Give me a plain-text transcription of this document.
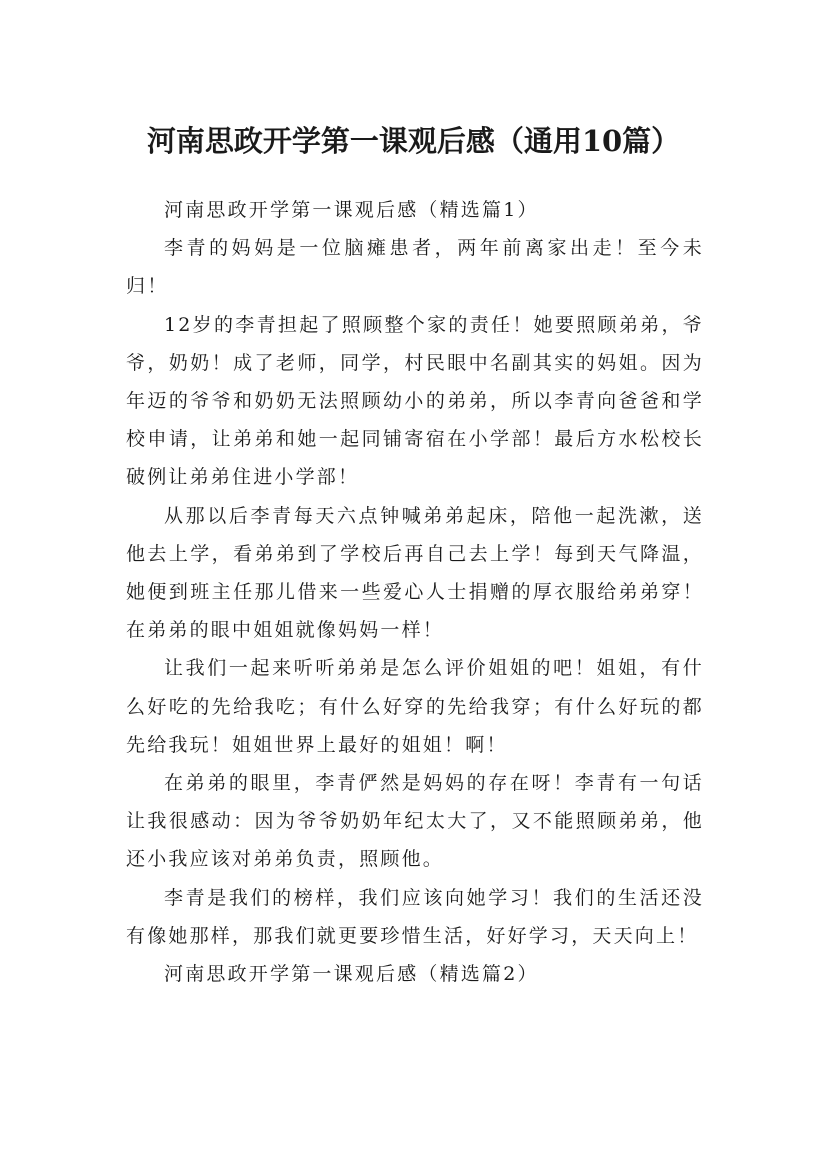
河南思政开学第一课观后感（通用10篇）

河南思政开学第一课观后感（精选篇1）

李青的妈妈是一位脑瘫患者，两年前离家出走！至今未归！

12岁的李青担起了照顾整个家的责任！她要照顾弟弟，爷爷，奶奶！成了老师，同学，村民眼中名副其实的妈姐。因为年迈的爷爷和奶奶无法照顾幼小的弟弟，所以李青向爸爸和学校申请，让弟弟和她一起同铺寄宿在小学部！最后方水松校长破例让弟弟住进小学部！

从那以后李青每天六点钟喊弟弟起床，陪他一起洗漱，送他去上学，看弟弟到了学校后再自己去上学！每到天气降温，她便到班主任那儿借来一些爱心人士捐赠的厚衣服给弟弟穿！在弟弟的眼中姐姐就像妈妈一样！

让我们一起来听听弟弟是怎么评价姐姐的吧！姐姐，有什么好吃的先给我吃；有什么好穿的先给我穿；有什么好玩的都先给我玩！姐姐世界上最好的姐姐！啊！

在弟弟的眼里，李青俨然是妈妈的存在呀！李青有一句话让我很感动：因为爷爷奶奶年纪太大了，又不能照顾弟弟，他还小我应该对弟弟负责，照顾他。

李青是我们的榜样，我们应该向她学习！我们的生活还没有像她那样，那我们就更要珍惜生活，好好学习，天天向上！

河南思政开学第一课观后感（精选篇2）
